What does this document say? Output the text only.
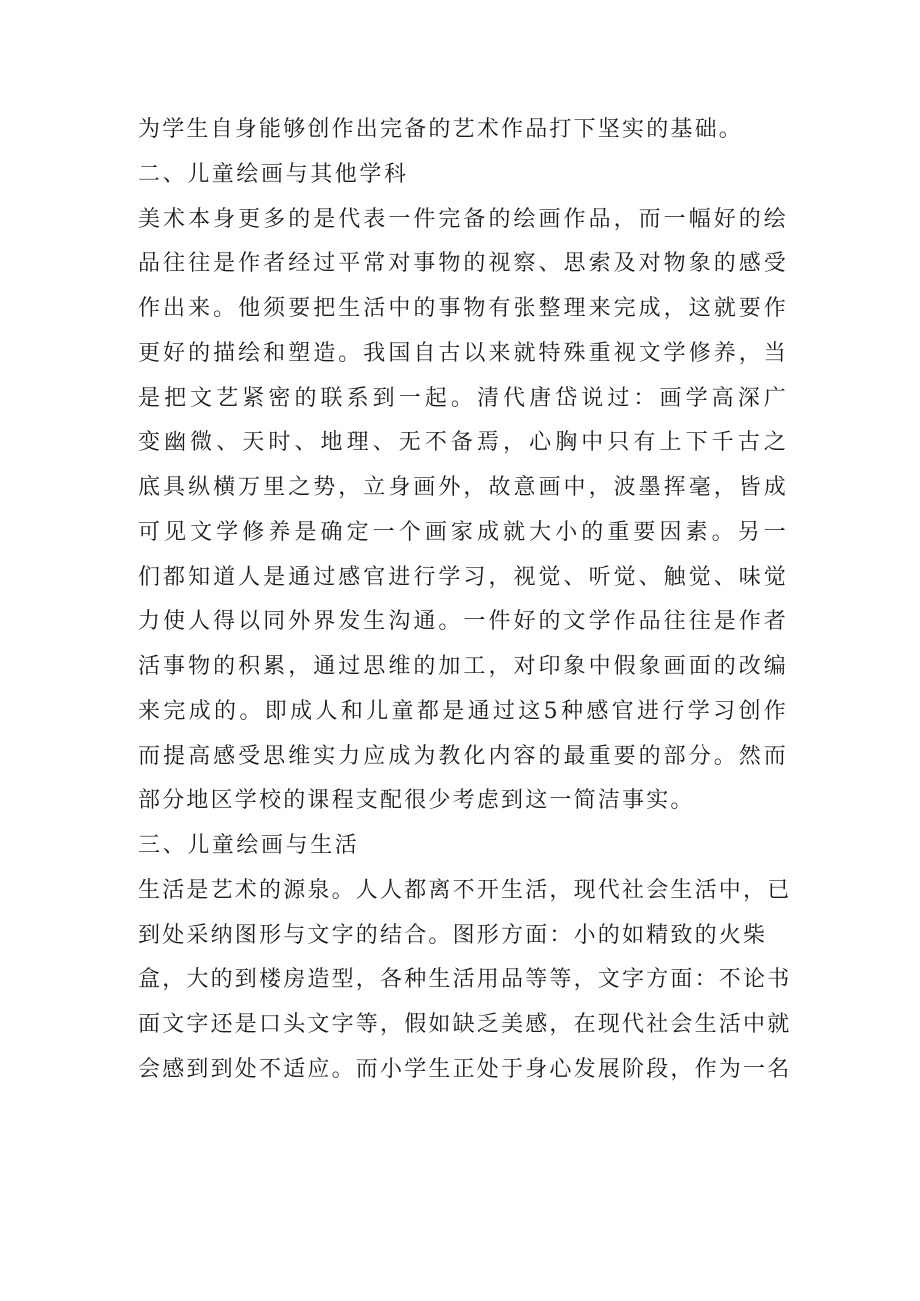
为学生自身能够创作出完备的艺术作品打下坚实的基础。
二、儿童绘画与其他学科
美术本身更多的是代表一件完备的绘画作品，而一幅好的绘
品往往是作者经过平常对事物的视察、思索及对物象的感受
作出来。他须要把生活中的事物有张整理来完成，这就要作
更好的描绘和塑造。我国自古以来就特殊重视文学修养，当
是把文艺紧密的联系到一起。清代唐岱说过：画学高深广
变幽微、天时、地理、无不备焉，心胸中只有上下千古之
底具纵横万里之势，立身画外，故意画中，波墨挥毫，皆成
可见文学修养是确定一个画家成就大小的重要因素。另一
们都知道人是通过感官进行学习，视觉、听觉、触觉、味觉
力使人得以同外界发生沟通。一件好的文学作品往往是作者
活事物的积累，通过思维的加工，对印象中假象画面的改编
来完成的。即成人和儿童都是通过这5种感官进行学习创作
而提高感受思维实力应成为教化内容的最重要的部分。然而
部分地区学校的课程支配很少考虑到这一简洁事实。
三、儿童绘画与生活
生活是艺术的源泉。人人都离不开生活，现代社会生活中，已
到处采纳图形与文字的结合。图形方面：小的如精致的火柴
盒，大的到楼房造型，各种生活用品等等，文字方面：不论书
面文字还是口头文字等，假如缺乏美感，在现代社会生活中就
会感到到处不适应。而小学生正处于身心发展阶段，作为一名
